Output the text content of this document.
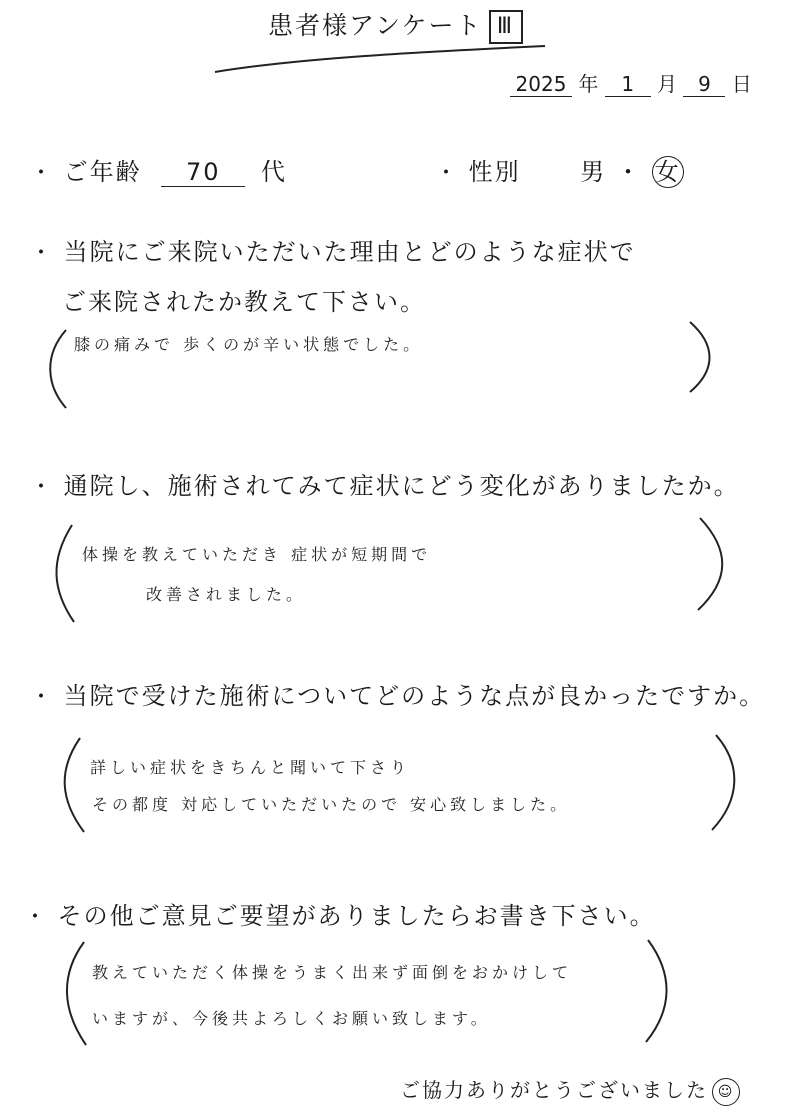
患者様アンケート Ⅲ
2025 年 1 月 9 日
・ ご年齢 70 代	・ 性別 男 ・ 女
・ 当院にご来院いただいた理由とどのような症状で
ご来院されたか教えて下さい。
膝の痛みで 歩くのが辛い状態でした。
・ 通院し、施術されてみて症状にどう変化がありましたか。
体操を教えていただき 症状が短期間で
改善されました。
・ 当院で受けた施術についてどのような点が良かったですか。
詳しい症状をきちんと聞いて下さり
その都度 対応していただいたので 安心致しました。
・ その他ご意見ご要望がありましたらお書き下さい。
教えていただく体操をうまく出来ず面倒をおかけして
いますが、今後共よろしくお願い致します。
ご協力ありがとうございました ☺
